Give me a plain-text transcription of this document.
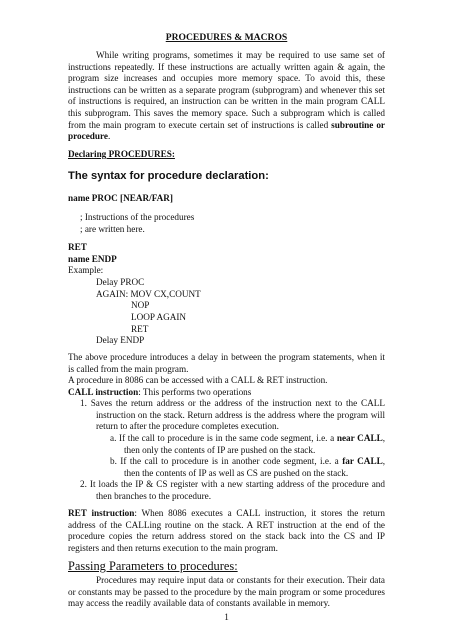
PROCEDURES & MACROS
While writing programs, sometimes it may be required to use same set of instructions repeatedly. If these instructions are actually written again & again, the program size increases and occupies more memory space. To avoid this, these instructions can be written as a separate program (subprogram) and whenever this set of instructions is required, an instruction can be written in the main program CALL this subprogram. This saves the memory space. Such a subprogram which is called from the main program to execute certain set of instructions is called subroutine or procedure.
Declaring PROCEDURES:
The syntax for procedure declaration:
name PROC [NEAR/FAR]
; Instructions of the procedures
; are written here.
RET
name ENDP
Example:
Delay PROC
AGAIN: MOV CX,COUNT
NOP
LOOP AGAIN
RET
Delay ENDP
The above procedure introduces a delay in between the program statements, when it is called from the main program.
A procedure in 8086 can be accessed with a CALL & RET instruction.
CALL instruction: This performs two operations
1. Saves the return address or the address of the instruction next to the CALL instruction on the stack. Return address is the address where the program will return to after the procedure completes execution.
a. If the call to procedure is in the same code segment, i.e. a near CALL, then only the contents of IP are pushed on the stack.
b. If the call to procedure is in another code segment, i.e. a far CALL, then the contents of IP as well as CS are pushed on the stack.
2. It loads the IP & CS register with a new starting address of the procedure and then branches to the procedure.
RET instruction: When 8086 executes a CALL instruction, it stores the return address of the CALLing routine on the stack. A RET instruction at the end of the procedure copies the return address stored on the stack back into the CS and IP registers and then returns execution to the main program.
Passing Parameters to procedures:
Procedures may require input data or constants for their execution. Their data or constants may be passed to the procedure by the main program or some procedures may access the readily available data of constants available in memory.
1
